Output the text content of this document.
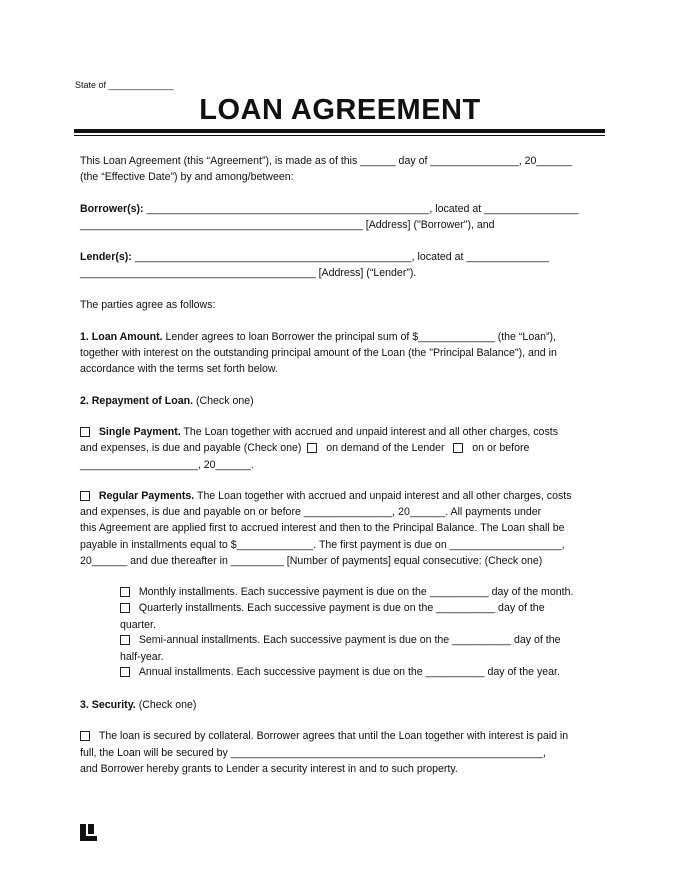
State of _____________
LOAN AGREEMENT
This Loan Agreement (this “Agreement”), is made as of this ______ day of _______________, 20______
(the “Effective Date”) by and among/between:
Borrower(s): ________________________________________________, located at ________________
________________________________________________ [Address] ("Borrower"), and
Lender(s): _______________________________________________, located at ______________
________________________________________ [Address] (“Lender”).
The parties agree as follows:
1. Loan Amount. Lender agrees to loan Borrower the principal sum of $_____________ (the “Loan”),
together with interest on the outstanding principal amount of the Loan (the "Principal Balance"), and in
accordance with the terms set forth below.
2. Repayment of Loan. (Check one)
Single Payment. The Loan together with accrued and unpaid interest and all other charges, costs
and expenses, is due and payable (Check one) on demand of the Lender	on or before
____________________, 20______.
Regular Payments. The Loan together with accrued and unpaid interest and all other charges, costs
and expenses, is due and payable on or before _______________, 20______. All payments under
this Agreement are applied first to accrued interest and then to the Principal Balance. The Loan shall be
payable in installments equal to $_____________. The first payment is due on ___________________,
20______ and due thereafter in _________ [Number of payments] equal consecutive: (Check one)
Monthly installments. Each successive payment is due on the __________ day of the month.
Quarterly installments. Each successive payment is due on the __________ day of the
quarter.
Semi-annual installments. Each successive payment is due on the __________ day of the
half-year.
Annual installments. Each successive payment is due on the __________ day of the year.
3. Security. (Check one)
The loan is secured by collateral. Borrower agrees that until the Loan together with interest is paid in
full, the Loan will be secured by _____________________________________________________,
and Borrower hereby grants to Lender a security interest in and to such property.
